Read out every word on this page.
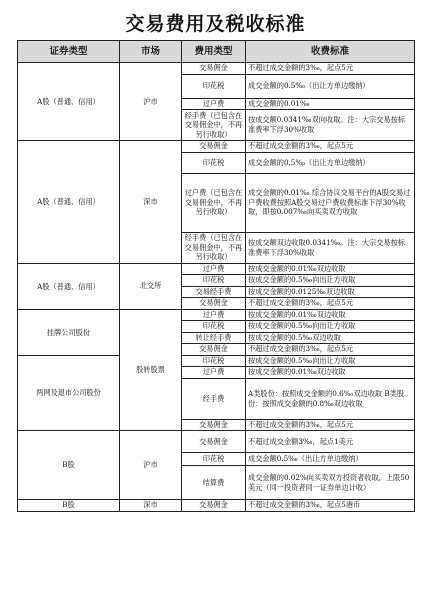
交易费用及税收标准
证券类型	市场	费用类型	收费标准
A股（普通、信用）	沪市	交易佣金	不超过成交金额的3‰，起点5元
		印花税	成交金额的0.5‰（出让方单边缴纳）
		过户费	成交金额的0.01‰
		经手费（已包含在交易佣金中，不再另行收取）	按成交额0.0341‰双向收取。注：大宗交易按标准费率下浮30%收取
A股（普通、信用）	深市	交易佣金	不超过成交金额的3‰，起点5元
		印花税	成交金额的0.5‰（出让方单边缴纳）
		过户费（已包含在交易佣金中，不再另行收取）	成交金额的0.01‰ 综合协议交易平台的A股交易过户费收费按照A股交易过户费收费标准下浮30%收取，即按0.007‰向买卖双方收取
		经手费（已包含在交易佣金中，不再另行收取）	按成交额双边收取0.0341‰。注：大宗交易按标准费率下浮30%收取
A股（普通、信用）	北交所	过户费	按成交金额的0.01‰双边收取
		印花税	按成交金额的0.5‰向出让方收取
		交易经手费	按成交金额的0.0125‰双边收取
		交易佣金	不超过成交金额的3‰，起点5元
挂牌公司股份	股转股票	过户费	按成交金额的0.01‰双边收取
		印花税	按成交金额的0.5‰向出让方收取
		转让经手费	按成交金额的0.5‰双边收取
		交易佣金	不超过成交金额的3‰，起点5元
两网及退市公司股份		印花税	按成交金额的0.5‰向出让方收取
		过户费	按成交金额的0.01‰双边收取
		经手费	A类股份：按照成交金额的0.6‰双边收取 B类股份：按照成交金额的0.8‰双边收取
		交易佣金	不超过成交金额的3‰，起点5元
B股	沪市	交易佣金	不超过成交金额3‰，起点1美元
		印花税	成交金额0.5‰（出让方单边缴纳）
		结算费	成交金额的0.02%向买卖双方投资者收取，上限50美元（同一投资者同一证券单边计收）
B股	深市	交易佣金	不超过成交金额的3‰，起点5港币
